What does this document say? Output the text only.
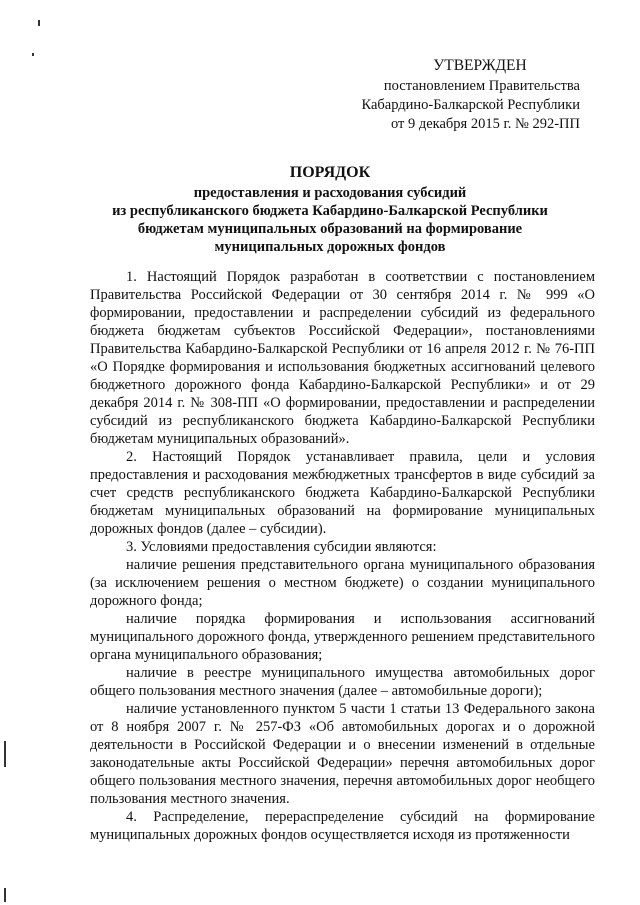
УТВЕРЖДЕН
постановлением Правительства
Кабардино-Балкарской Республики
от 9 декабря 2015 г. № 292-ПП
ПОРЯДОК
предоставления и расходования субсидий
из республиканского бюджета Кабардино-Балкарской Республики
бюджетам муниципальных образований на формирование
муниципальных дорожных фондов

1. Настоящий Порядок разработан в соответствии с постановлением Правительства Российской Федерации от 30 сентября 2014 г. № 999 «О формировании, предоставлении и распределении субсидий из федерального бюджета бюджетам субъектов Российской Федерации», постановлениями Правительства Кабардино-Балкарской Республики от 16 апреля 2012 г. № 76-ПП «О Порядке формирования и использования бюджетных ассигнований целевого бюджетного дорожного фонда Кабардино-Балкарской Республики» и от 29 декабря 2014 г. № 308-ПП «О формировании, предоставлении и распределении субсидий из республиканского бюджета Кабардино-Балкарской Республики бюджетам муниципальных образований».

2. Настоящий Порядок устанавливает правила, цели и условия предоставления и расходования межбюджетных трансфертов в виде субсидий за счет средств республиканского бюджета Кабардино-Балкарской Республики бюджетам муниципальных образований на формирование муниципальных дорожных фондов (далее – субсидии).

3. Условиями предоставления субсидии являются:

наличие решения представительного органа муниципального образования (за исключением решения о местном бюджете) о создании муниципального дорожного фонда;

наличие порядка формирования и использования ассигнований муниципального дорожного фонда, утвержденного решением представительного органа муниципального образования;

наличие в реестре муниципального имущества автомобильных дорог общего пользования местного значения (далее – автомобильные дороги);

наличие установленного пунктом 5 части 1 статьи 13 Федерального закона от 8 ноября 2007 г. № 257-ФЗ «Об автомобильных дорогах и о дорожной деятельности в Российской Федерации и о внесении изменений в отдельные законодательные акты Российской Федерации» перечня автомобильных дорог общего пользования местного значения, перечня автомобильных дорог необщего пользования местного значения.

4. Распределение, перераспределение субсидий на формирование муниципальных дорожных фондов осуществляется исходя из протяженности
